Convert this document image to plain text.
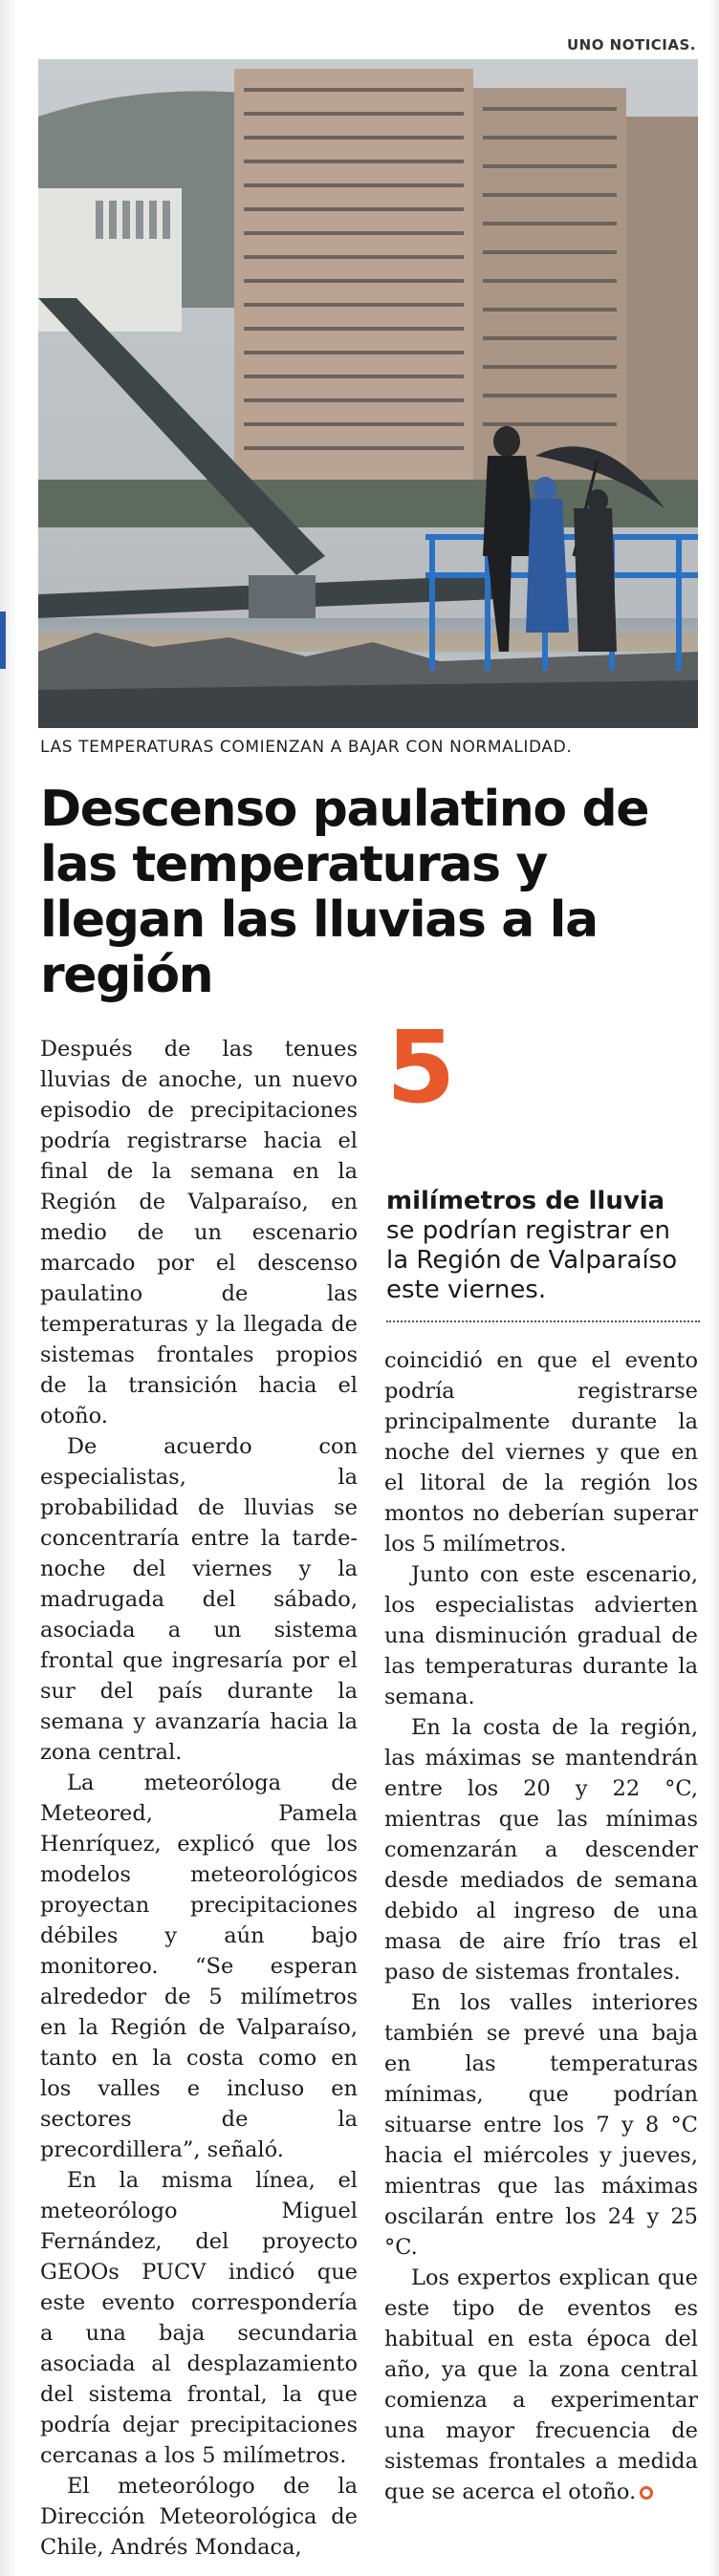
UNO NOTICIAS.
LAS TEMPERATURAS COMIENZAN A BAJAR CON NORMALIDAD.
Descenso paulatino de las temperaturas y llegan las lluvias a la región

Después de las tenues lluvias de anoche, un nuevo episodio de precipitaciones podría registrarse hacia el final de la semana en la Región de Valparaíso, en medio de un escenario marcado por el descenso paulatino de las temperaturas y la llegada de sistemas frontales propios de la transición hacia el otoño.

De acuerdo con especialistas, la probabilidad de lluvias se concentraría entre la tarde-noche del viernes y la madrugada del sábado, asociada a un sistema frontal que ingresaría por el sur del país durante la semana y avanzaría hacia la zona central.

La meteoróloga de Meteored, Pamela Henríquez, explicó que los modelos meteorológicos proyectan precipitaciones débiles y aún bajo monitoreo. “Se esperan alrededor de 5 milímetros en la Región de Valparaíso, tanto en la costa como en los valles e incluso en sectores de la precordillera”, señaló.

En la misma línea, el meteorólogo Miguel Fernández, del proyecto GEOOs PUCV indicó que este evento correspondería a una baja secundaria asociada al desplazamiento del sistema frontal, la que podría dejar precipitaciones cercanas a los 5 milímetros.

El meteorólogo de la Dirección Meteorológica de Chile, Andrés Mondaca,

5
milímetros de lluvia se podrían registrar en la Región de Valparaíso este viernes.

coincidió en que el evento podría registrarse principalmente durante la noche del viernes y que en el litoral de la región los montos no deberían superar los 5 milímetros.

Junto con este escenario, los especialistas advierten una disminución gradual de las temperaturas durante la semana.

En la costa de la región, las máximas se mantendrán entre los 20 y 22 °C, mientras que las mínimas comenzarán a descender desde mediados de semana debido al ingreso de una masa de aire frío tras el paso de sistemas frontales.

En los valles interiores también se prevé una baja en las temperaturas mínimas, que podrían situarse entre los 7 y 8 °C hacia el miércoles y jueves, mientras que las máximas oscilarán entre los 24 y 25 °C.

Los expertos explican que este tipo de eventos es habitual en esta época del año, ya que la zona central comienza a experimentar una mayor frecuencia de sistemas frontales a medida que se acerca el otoño.
